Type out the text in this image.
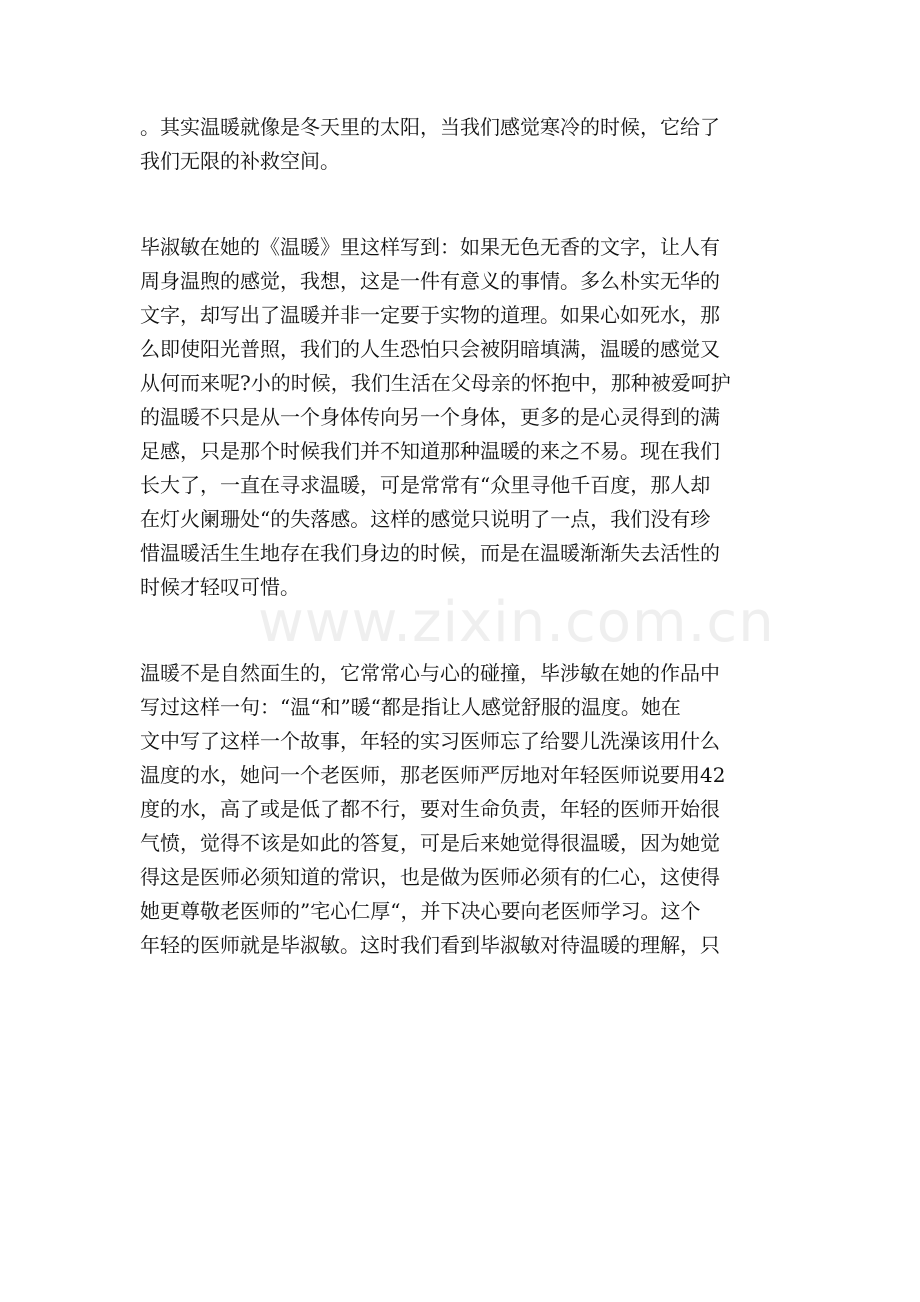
www.zixin.com.cn
。其实温暖就像是冬天里的太阳，当我们感觉寒冷的时候，它给了
我们无限的补救空间。
毕淑敏在她的《温暖》里这样写到：如果无色无香的文字，让人有
周身温煦的感觉，我想，这是一件有意义的事情。多么朴实无华的
文字，却写出了温暖并非一定要于实物的道理。如果心如死水，那
么即使阳光普照，我们的人生恐怕只会被阴暗填满，温暖的感觉又
从何而来呢?小的时候，我们生活在父母亲的怀抱中，那种被爱呵护
的温暖不只是从一个身体传向另一个身体，更多的是心灵得到的满
足感，只是那个时候我们并不知道那种温暖的来之不易。现在我们
长大了，一直在寻求温暖，可是常常有“众里寻他千百度，那人却
在灯火阑珊处“的失落感。这样的感觉只说明了一点，我们没有珍
惜温暖活生生地存在我们身边的时候，而是在温暖渐渐失去活性的
时候才轻叹可惜。
温暖不是自然面生的，它常常心与心的碰撞，毕涉敏在她的作品中
写过这样一句：“温“和”暖“都是指让人感觉舒服的温度。她在
文中写了这样一个故事，年轻的实习医师忘了给婴儿洗澡该用什么
温度的水，她问一个老医师，那老医师严厉地对年轻医师说要用42
度的水，高了或是低了都不行，要对生命负责，年轻的医师开始很
气愤，觉得不该是如此的答复，可是后来她觉得很温暖，因为她觉
得这是医师必须知道的常识，也是做为医师必须有的仁心，这使得
她更尊敬老医师的”宅心仁厚“，并下决心要向老医师学习。这个
年轻的医师就是毕淑敏。这时我们看到毕淑敏对待温暖的理解，只
